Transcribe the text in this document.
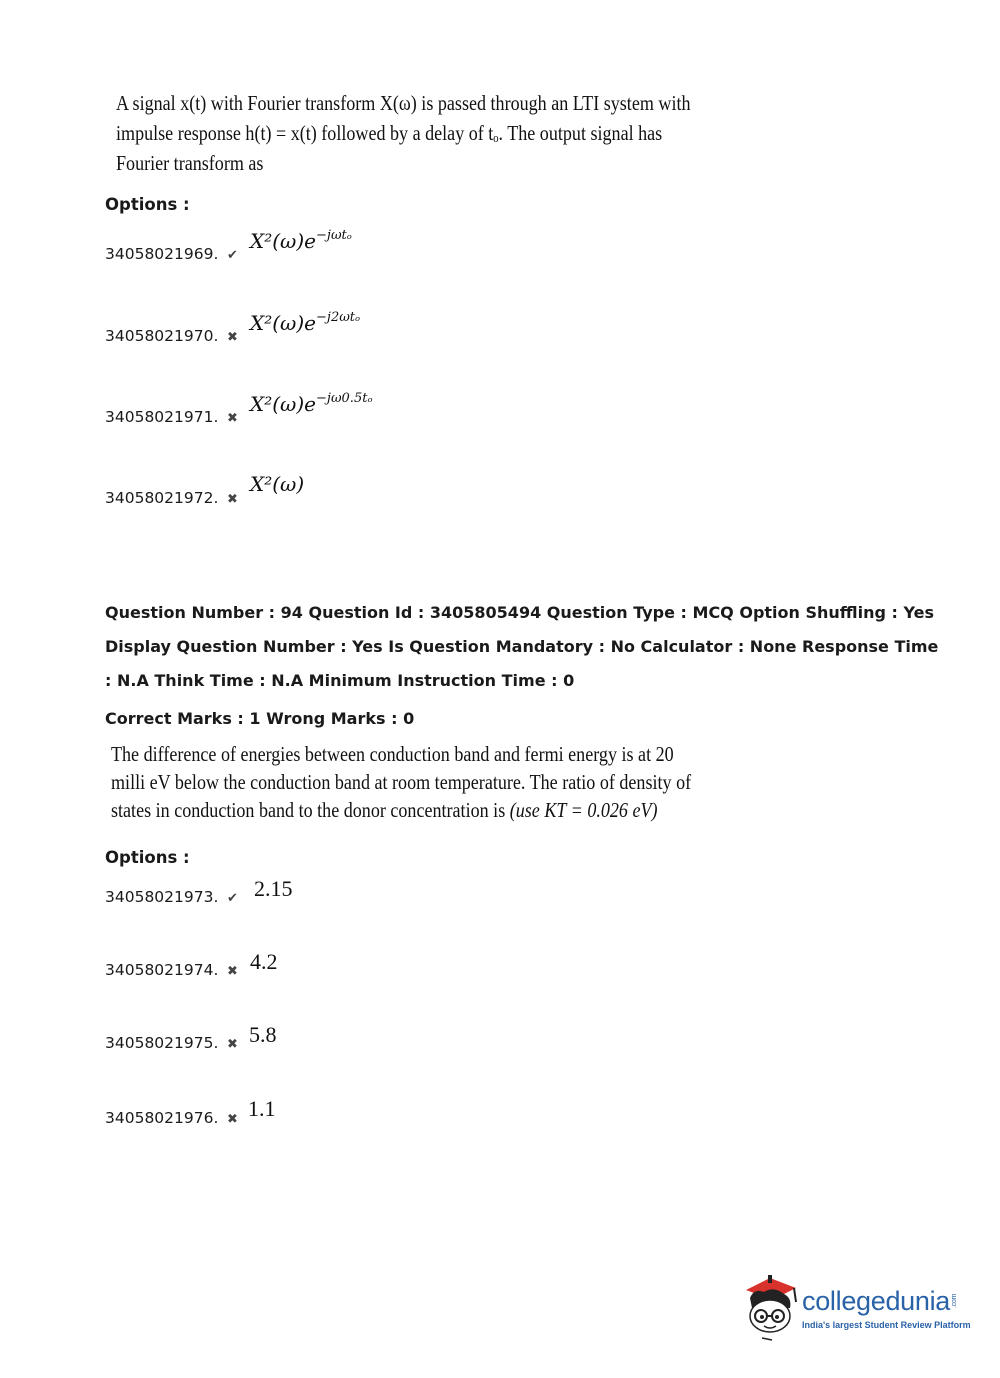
A signal x(t) with Fourier transform X(ω) is passed through an LTI system with
impulse response h(t) = x(t) followed by a delay of tₒ. The output signal has
Fourier transform as
Options :
34058021969. ✔
$X^2(\omega)e^{-j\omega t_o}$
34058021970. ✖
$X^2(\omega)e^{-j2\omega t_o}$
34058021971. ✖
$X^2(\omega)e^{-j\omega 0.5t_o}$
34058021972. ✖
X²(ω)
Question Number : 94 Question Id : 3405805494 Question Type : MCQ Option Shuffling : Yes
Display Question Number : Yes Is Question Mandatory : No Calculator : None Response Time
: N.A Think Time : N.A Minimum Instruction Time : 0
Correct Marks : 1 Wrong Marks : 0
The difference of energies between conduction band and fermi energy is at 20
milli eV below the conduction band at room temperature. The ratio of density of
states in conduction band to the donor concentration is (use KT = 0.026 eV)
Options :
34058021973. ✔ 2.15
34058021974. ✖ 4.2
34058021975. ✖ 5.8
34058021976. ✖ 1.1
collegedunia.com
India's largest Student Review Platform
